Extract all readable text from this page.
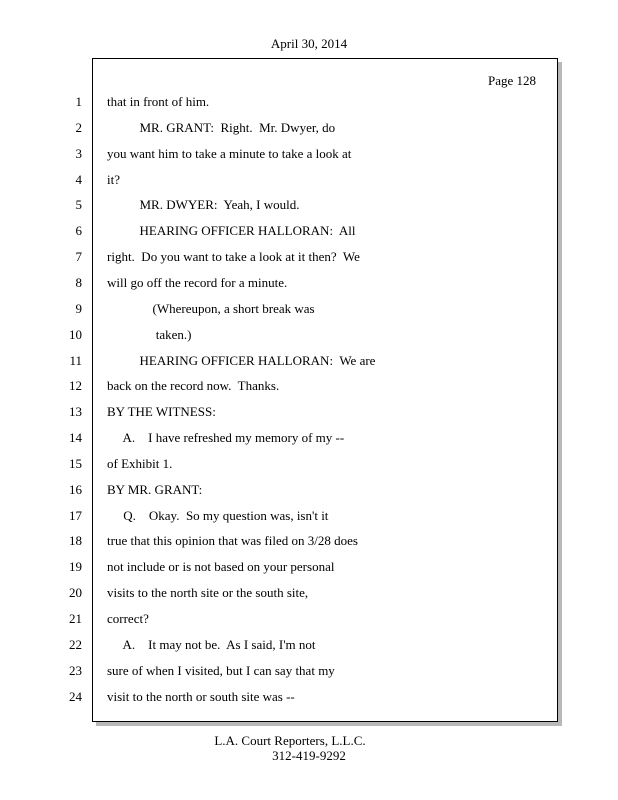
April 30, 2014
Page 128
1 that in front of him.
2 MR. GRANT:  Right.  Mr. Dwyer, do
3 you want him to take a minute to take a look at
4 it?
5 MR. DWYER:  Yeah, I would.
6 HEARING OFFICER HALLORAN:  All
7 right.  Do you want to take a look at it then?  We
8 will go off the record for a minute.
9 (Whereupon, a short break was
10 taken.)
11 HEARING OFFICER HALLORAN:  We are
12 back on the record now.  Thanks.
13 BY THE WITNESS:
14 A.    I have refreshed my memory of my --
15 of Exhibit 1.
16 BY MR. GRANT:
17 Q.    Okay.  So my question was, isn't it
18 true that this opinion that was filed on 3/28 does
19 not include or is not based on your personal
20 visits to the north site or the south site,
21 correct?
22 A.    It may not be.  As I said, I'm not
23 sure of when I visited, but I can say that my
24 visit to the north or south site was --
L.A. Court Reporters, L.L.C.
312-419-9292
